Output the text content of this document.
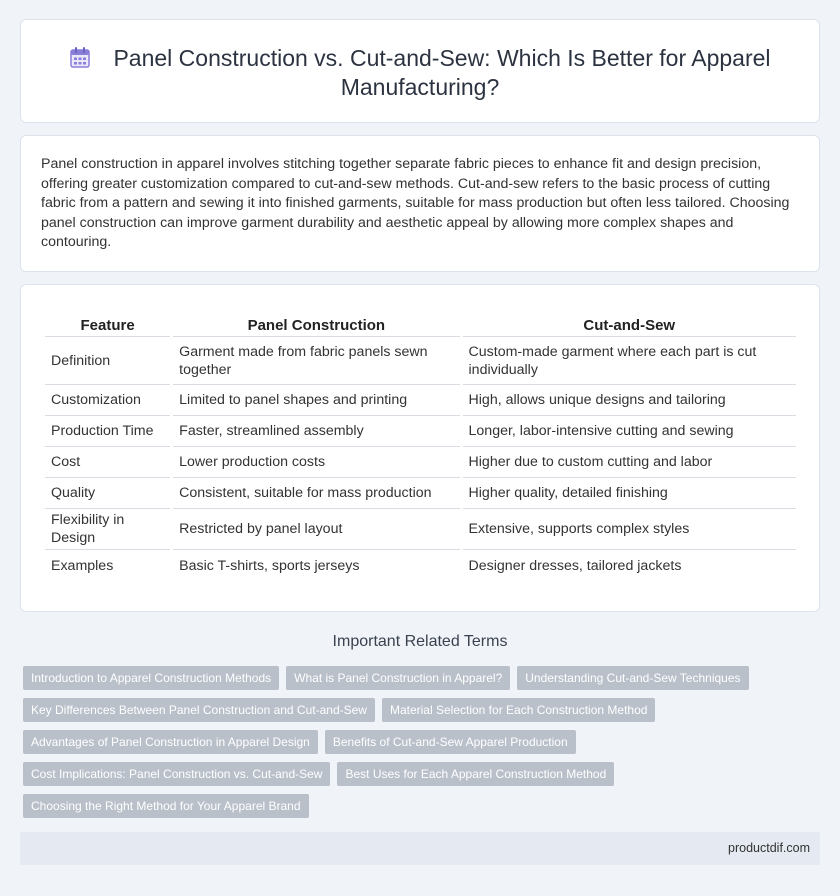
Panel Construction vs. Cut-and-Sew: Which Is Better for Apparel Manufacturing?

Panel construction in apparel involves stitching together separate fabric pieces to enhance fit and design precision, offering greater customization compared to cut-and-sew methods. Cut-and-sew refers to the basic process of cutting fabric from a pattern and sewing it into finished garments, suitable for mass production but often less tailored. Choosing panel construction can improve garment durability and aesthetic appeal by allowing more complex shapes and contouring.

Feature	Panel Construction	Cut-and-Sew
Definition	Garment made from fabric panels sewn together	Custom-made garment where each part is cut individually
Customization	Limited to panel shapes and printing	High, allows unique designs and tailoring
Production Time	Faster, streamlined assembly	Longer, labor-intensive cutting and sewing
Cost	Lower production costs	Higher due to custom cutting and labor
Quality	Consistent, suitable for mass production	Higher quality, detailed finishing
Flexibility in Design	Restricted by panel layout	Extensive, supports complex styles
Examples	Basic T-shirts, sports jerseys	Designer dresses, tailored jackets
Important Related Terms
Introduction to Apparel Construction Methods What is Panel Construction in Apparel? Understanding Cut-and-Sew Techniques
Key Differences Between Panel Construction and Cut-and-Sew Material Selection for Each Construction Method
Advantages of Panel Construction in Apparel Design Benefits of Cut-and-Sew Apparel Production
Cost Implications: Panel Construction vs. Cut-and-Sew Best Uses for Each Apparel Construction Method
Choosing the Right Method for Your Apparel Brand
productdif.com
